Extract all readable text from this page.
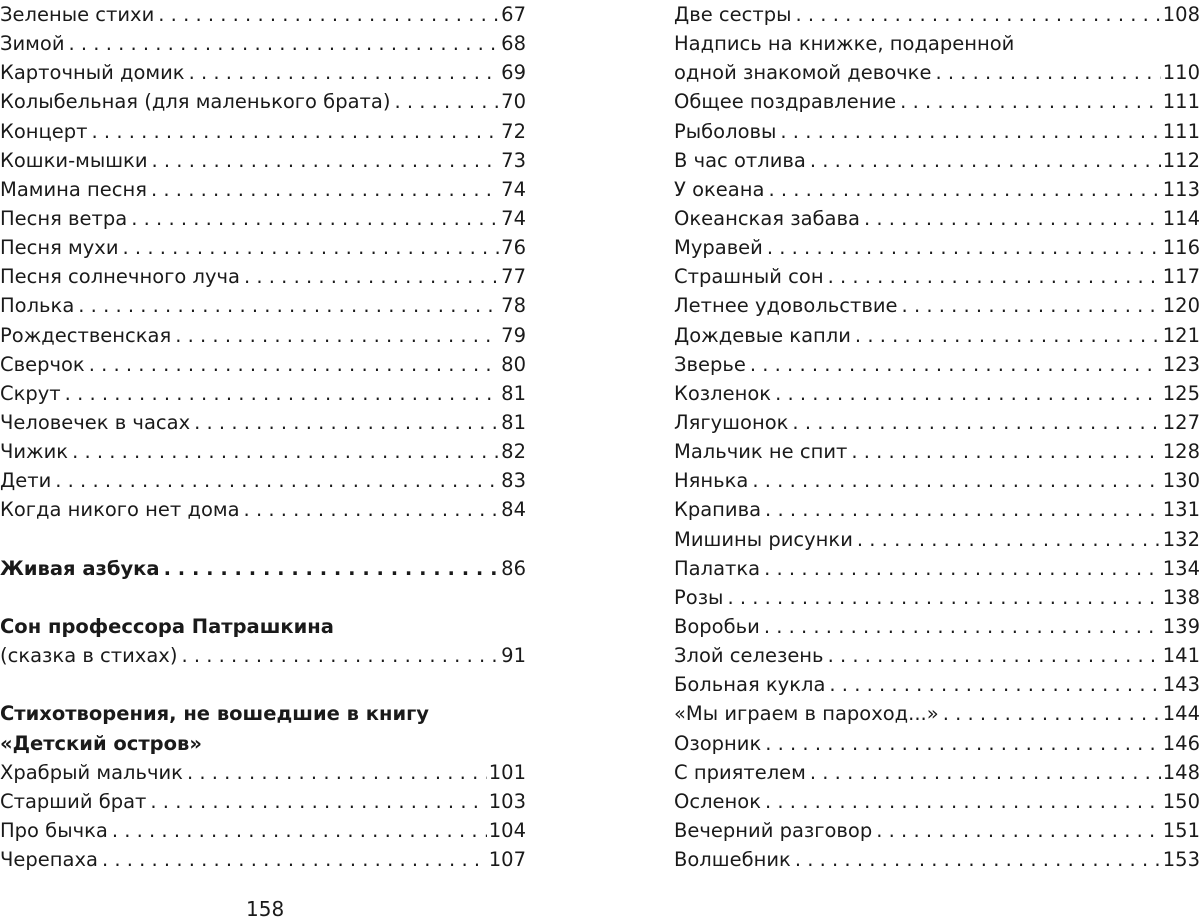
Зеленые стихи . . .	67
Зимой . . .	68
Карточный домик . . .	69
Колыбельная (для маленького брата) . . .	70
Концерт . . .	72
Кошки-мышки . . .	73
Мамина песня . . .	74
Песня ветра . . .	74
Песня мухи . . .	76
Песня солнечного луча . . .	77
Полька . . .	78
Рождественская . . .	79
Сверчок . . .	80
Скрут . . .	81
Человечек в часах . . .	81
Чижик . . .	82
Дети . . .	83
Когда никого нет дома . . .	84
Живая азбука . . .	86
Сон профессора Патрашкина
(сказка в стихах) . . .	91
Стихотворения, не вошедшие в книгу
«Детский остров»
Храбрый мальчик . . .	101
Старший брат . . .	103
Про бычка . . .	104
Черепаха . . .	107
Две сестры . . .	108
Надпись на книжке, подаренной
одной знакомой девочке . . .	110
Общее поздравление . . .	111
Рыболовы . . .	111
В час отлива . . .	112
У океана . . .	113
Океанская забава . . .	114
Муравей . . .	116
Страшный сон . . .	117
Летнее удовольствие . . .	120
Дождевые капли . . .	121
Зверье . . .	123
Козленок . . .	125
Лягушонок . . .	127
Мальчик не спит . . .	128
Нянька . . .	130
Крапива . . .	131
Мишины рисунки . . .	132
Палатка . . .	134
Розы . . .	138
Воробьи . . .	139
Злой селезень . . .	141
Больная кукла . . .	143
«Мы играем в пароход...» . . .	144
Озорник . . .	146
С приятелем . . .	148
Осленок . . .	150
Вечерний разговор . . .	151
Волшебник . . .	153
158
